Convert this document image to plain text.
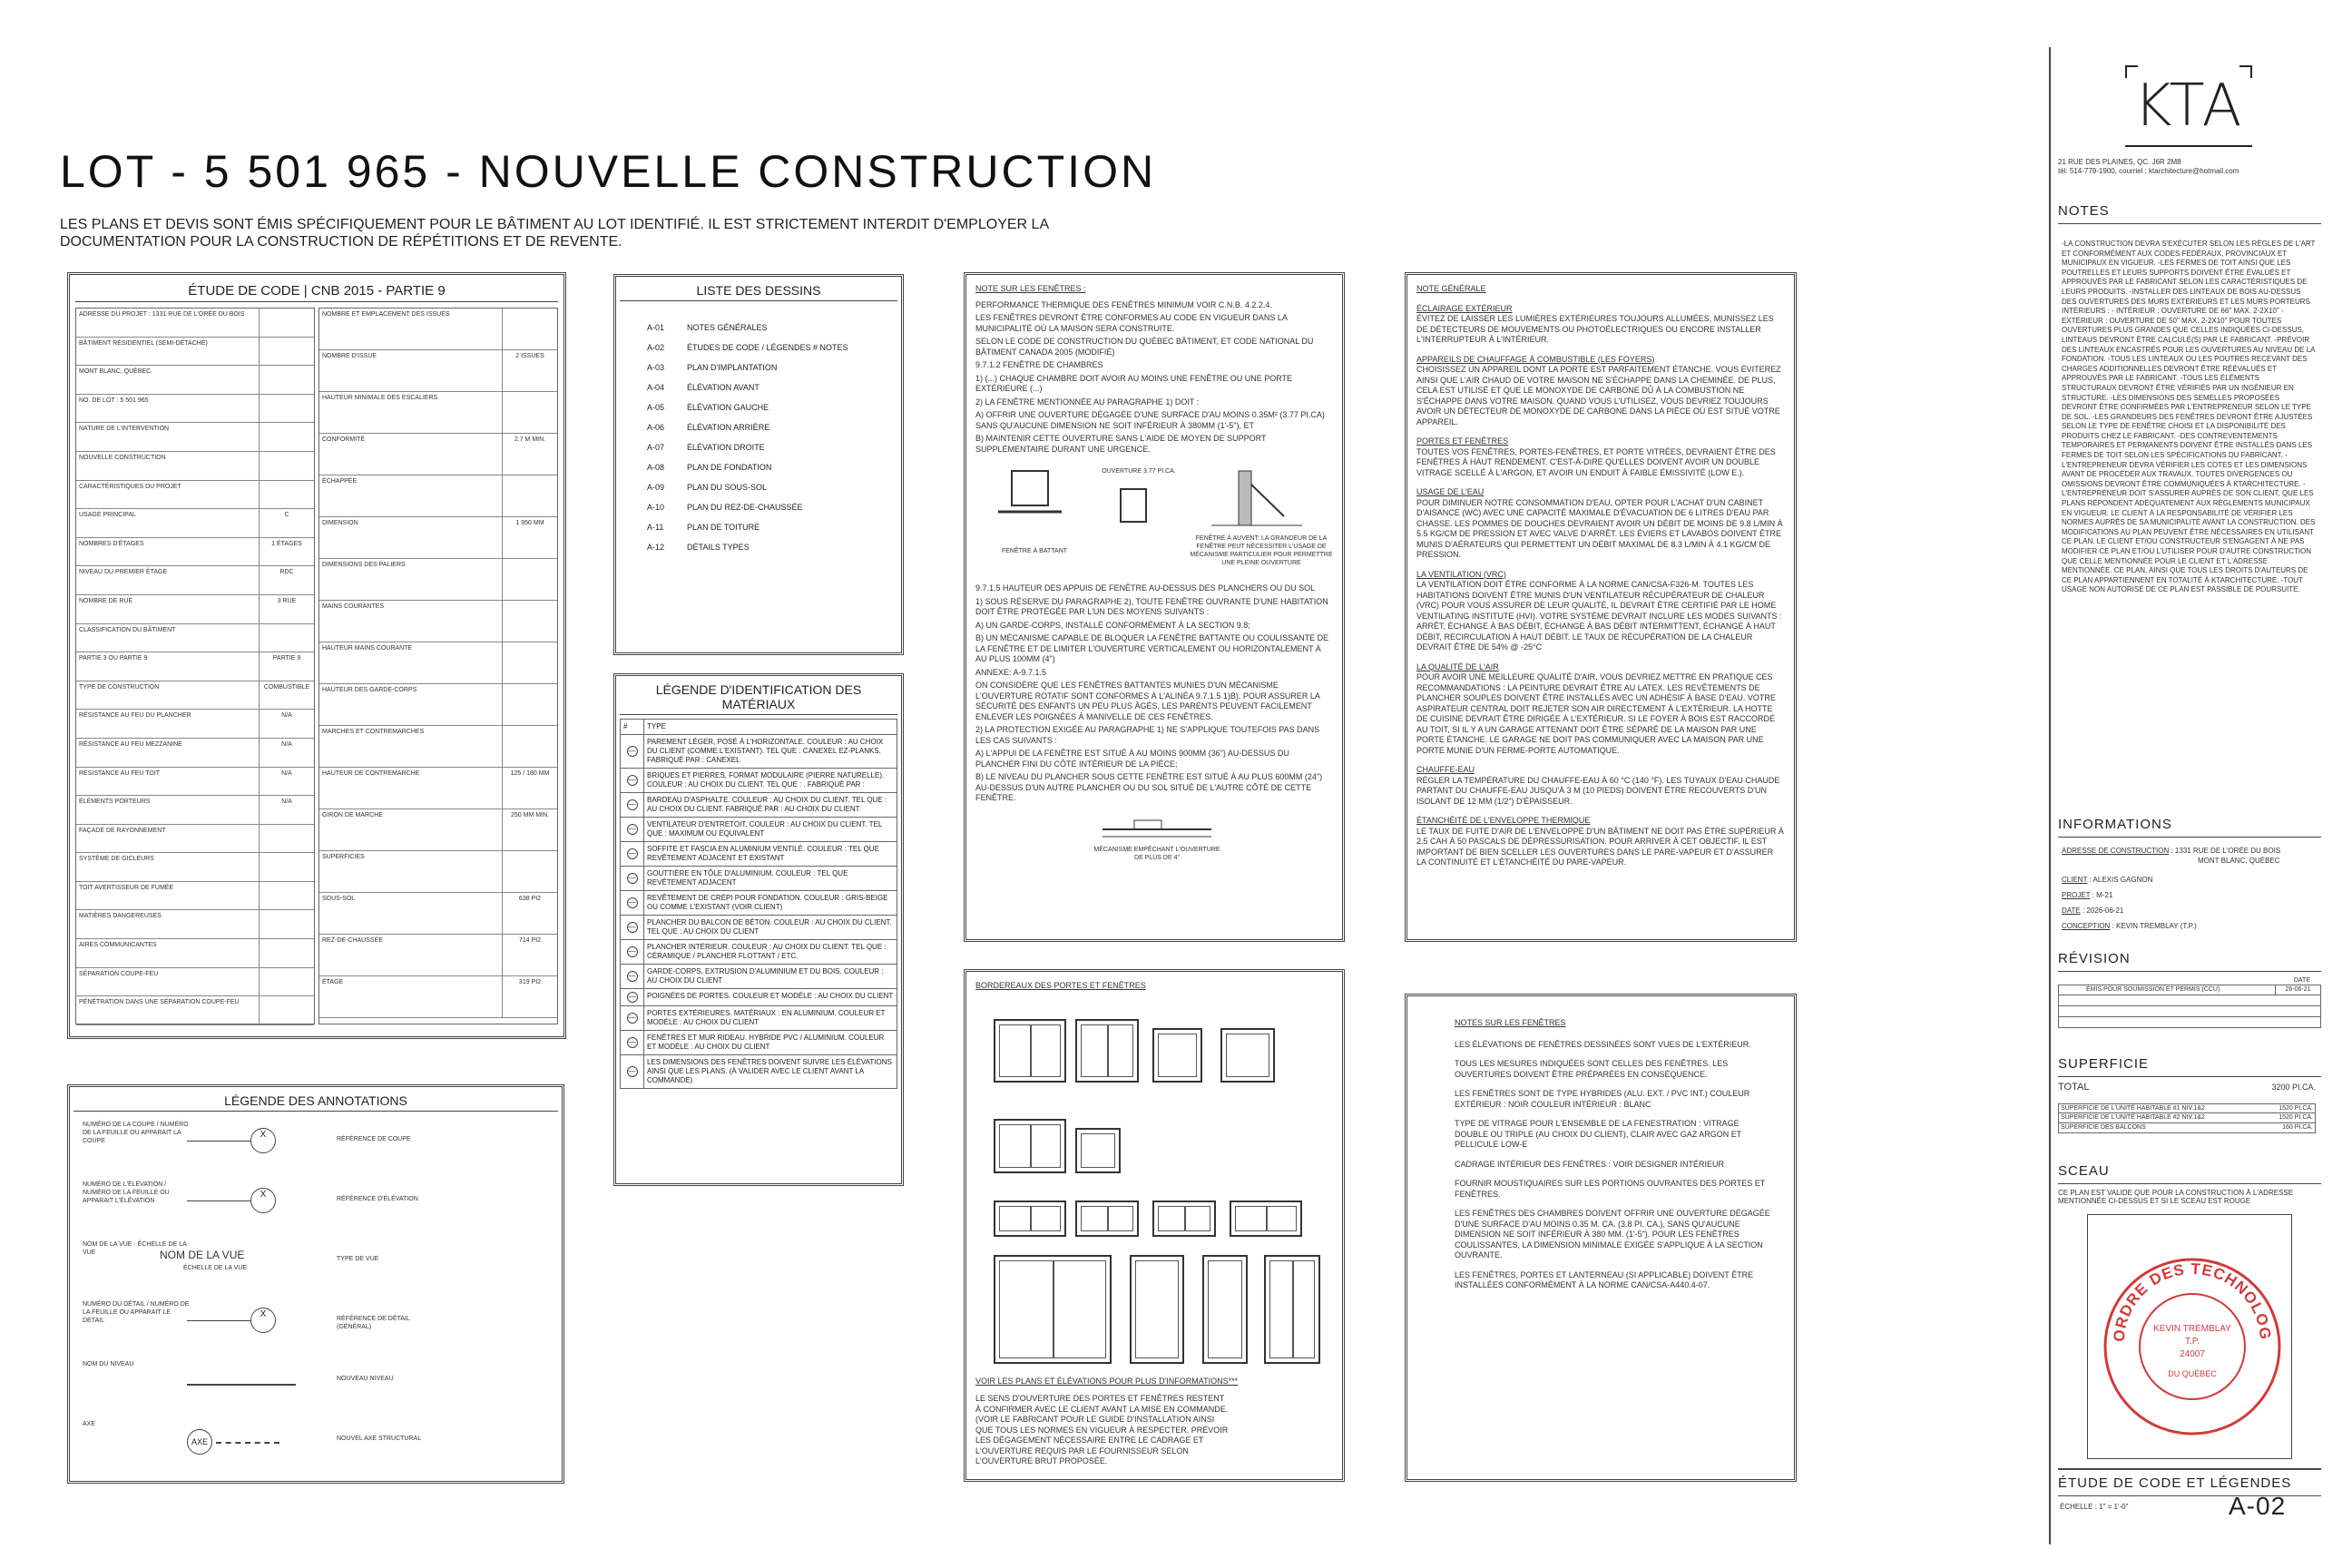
LOT - 5 501 965 - NOUVELLE CONSTRUCTION
LES PLANS ET DEVIS SONT ÉMIS SPÉCIFIQUEMENT POUR LE BÂTIMENT AU LOT IDENTIFIÉ. IL EST STRICTEMENT INTERDIT D'EMPLOYER LA DOCUMENTATION POUR LA CONSTRUCTION DE RÉPÉTITIONS ET DE REVENTE.
ÉTUDE DE CODE | CNB 2015 - PARTIE 9
ADRESSE DU PROJET : 1331 RUE DE L'ORÉE DU BOIS
BÂTIMENT RÉSIDENTIEL (SEMI-DÉTACHÉ)
MONT BLANC, QUÉBEC
NO. DE LOT : 5 501 965
NATURE DE L'INTERVENTION
NOUVELLE CONSTRUCTION
CARACTÉRISTIQUES DU PROJET
USAGE PRINCIPAL	C
NOMBRES D'ÉTAGES	1 ÉTAGES
NIVEAU DU PREMIER ÉTAGE	RDC
NOMBRE DE RUE	3 RUE
CLASSIFICATION DU BÂTIMENT
PARTIE 3 OU PARTIE 9	PARTIE 9
TYPE DE CONSTRUCTION	COMBUSTIBLE
RÉSISTANCE AU FEU DU PLANCHER	N/A
RÉSISTANCE AU FEU MEZZANINE	N/A
RÉSISTANCE AU FEU TOIT	N/A
ÉLÉMENTS PORTEURS	N/A
FAÇADE DE RAYONNEMENT
SYSTÈME DE GICLEURS
TOIT AVERTISSEUR DE FUMÉE
MATIÈRES DANGEREUSES
AIRES COMMUNICANTES
SÉPARATION COUPE-FEU
PÉNÉTRATION DANS UNE SÉPARATION COUPE-FEU
NOMBRE ET EMPLACEMENT DES ISSUES
NOMBRE D'ISSUE	2 ISSUES
HAUTEUR MINIMALE DES ESCALIERS
CONFORMITÉ	2.7 M MIN.
ÉCHAPPÉE
DIMENSION	1 950 MM
DIMENSIONS DES PALIERS
MAINS COURANTES
HAUTEUR MAINS COURANTE
HAUTEUR DES GARDE-CORPS
MARCHES ET CONTREMARCHES
HAUTEUR DE CONTREMARCHE	125 / 180 MM
GIRON DE MARCHE	250 MM MIN.
SUPERFICIES
SOUS-SOL	638 PI2
REZ-DE-CHAUSSÉE	714 PI2
ÉTAGE	319 PI2
LISTE DES DESSINS
A-01	NOTES GÉNÉRALES
A-02	ÉTUDES DE CODE / LÉGENDES # NOTES
A-03	PLAN D'IMPLANTATION
A-04	ÉLÉVATION AVANT
A-05	ÉLÉVATION GAUCHE
A-06	ÉLÉVATION ARRIÈRE
A-07	ÉLÉVATION DROITE
A-08	PLAN DE FONDATION
A-09	PLAN DU SOUS-SOL
A-10	PLAN DU REZ-DE-CHAUSSÉE
A-11	PLAN DE TOITURE
A-12	DÉTAILS TYPES
LÉGENDE D'IDENTIFICATION DES MATÉRIAUX
#	TYPE
—	PAREMENT LÉGER, POSÉ À L'HORIZONTALE. COULEUR : AU CHOIX DU CLIENT (COMME L'EXISTANT). TEL QUE : CANEXEL EZ-PLANKS. FABRIQUÉ PAR : CANEXEL
—	BRIQUES ET PIERRES, FORMAT MODULAIRE (PIERRE NATURELLE). COULEUR : AU CHOIX DU CLIENT. TEL QUE : . FABRIQUÉ PAR :
—	BARDEAU D'ASPHALTE. COULEUR : AU CHOIX DU CLIENT. TEL QUE : AU CHOIX DU CLIENT. FABRIQUÉ PAR : AU CHOIX DU CLIENT
—	VENTILATEUR D'ENTRETOIT. COULEUR : AU CHOIX DU CLIENT. TEL QUE : MAXIMUM OU ÉQUIVALENT
—	SOFFITE ET FASCIA EN ALUMINIUM VENTILÉ. COULEUR : TEL QUE REVÊTEMENT ADJACENT ET EXISTANT
—	GOUTTIÈRE EN TÔLE D'ALUMINIUM. COULEUR : TEL QUE REVÊTEMENT ADJACENT
—	REVÊTEMENT DE CRÉPI POUR FONDATION. COULEUR : GRIS-BEIGE OU COMME L'EXISTANT (VOIR CLIENT)
—	PLANCHER DU BALCON DE BÉTON. COULEUR : AU CHOIX DU CLIENT. TEL QUE : AU CHOIX DU CLIENT
—	PLANCHER INTÉRIEUR. COULEUR : AU CHOIX DU CLIENT. TEL QUE : CÉRAMIQUE / PLANCHER FLOTTANT / ETC.
—	GARDE-CORPS, EXTRUSION D'ALUMINIUM ET DU BOIS. COULEUR : AU CHOIX DU CLIENT
—	POIGNÉES DE PORTES. COULEUR ET MODÈLE : AU CHOIX DU CLIENT
—	PORTES EXTÉRIEURES. MATÉRIAUX : EN ALUMINIUM. COULEUR ET MODÈLE : AU CHOIX DU CLIENT
—	FENÊTRES ET MUR RIDEAU. HYBRIDE PVC / ALUMINIUM. COULEUR ET MODÈLE : AU CHOIX DU CLIENT
—	LES DIMENSIONS DES FENÊTRES DOIVENT SUIVRE LES ÉLÉVATIONS AINSI QUE LES PLANS. (À VALIDER AVEC LE CLIENT AVANT LA COMMANDE)
LÉGENDE DES ANNOTATIONS
NUMÉRO DE LA COUPE / NUMÉRO DE LA FEUILLE OU APPARAIT LA COUPE	RÉFÉRENCE DE COUPE
X
NUMÉRO DE L'ÉLÉVATION / NUMÉRO DE LA FEUILLE OU APPARAIT L'ÉLÉVATION	RÉFÉRENCE D'ÉLÉVATION
X
NOM DE LA VUE · ÉCHELLE DE LA VUE
TYPE DE VUE
NOM DE LA VUE
ÉCHELLE DE LA VUE
NUMÉRO DU DÉTAIL / NUMÉRO DE LA FEUILLE OU APPARAIT LE DÉTAIL	RÉFÉRENCE DE DÉTAIL (GÉNÉRAL)
X
NOM DU NIVEAU
NOUVEAU NIVEAU
AXE
NOUVEL AXE STRUCTURAL
AXE
NOTE SUR LES FENÊTRES :
PERFORMANCE THERMIQUE DES FENÊTRES MINIMUM VOIR C.N.B. 4.2.2.4.
LES FENÊTRES DEVRONT ÊTRE CONFORMES AU CODE EN VIGUEUR DANS LA MUNICIPALITÉ OÙ LA MAISON SERA CONSTRUITE.
SELON LE CODE DE CONSTRUCTION DU QUÉBEC BÂTIMENT, ET CODE NATIONAL DU BÂTIMENT CANADA 2005 (MODIFIÉ)
9.7.1.2 FENÊTRE DE CHAMBRES
1) (...) CHAQUE CHAMBRE DOIT AVOIR AU MOINS UNE FENÊTRE OU UNE PORTE EXTÉRIEURE (...)
2) LA FENÊTRE MENTIONNÉE AU PARAGRAPHE 1) DOIT :
A) OFFRIR UNE OUVERTURE DÉGAGÉE D'UNE SURFACE D'AU MOINS 0.35M² (3.77 PI.CA) SANS QU'AUCUNE DIMENSION NE SOIT INFÉRIEUR À 380MM (1'-5"), ET
B) MAINTENIR CETTE OUVERTURE SANS L'AIDE DE MOYEN DE SUPPORT SUPPLÉMENTAIRE DURANT UNE URGENCE.
FENÊTRE À BATTANT
OUVERTURE 3.77 PI.CA.
FENÊTRE À AUVENT: LA GRANDEUR DE LA FENÊTRE PEUT NÉCESSITER L'USAGE DE MÉCANISME PARTICULIER POUR PERMETTRE UNE PLEINE OUVERTURE
9.7.1.5 HAUTEUR DES APPUIS DE FENÊTRE AU-DESSUS DES PLANCHERS OU DU SOL
1) SOUS RÉSERVE DU PARAGRAPHE 2), TOUTE FENÊTRE OUVRANTE D'UNE HABITATION DOIT ÊTRE PROTÉGÉE PAR L'UN DES MOYENS SUIVANTS :
A) UN GARDE-CORPS, INSTALLÉ CONFORMÉMENT À LA SECTION 9.8;
B) UN MÉCANISME CAPABLE DE BLOQUER LA FENÊTRE BATTANTE OU COULISSANTE DE LA FENÊTRE ET DE LIMITER L'OUVERTURE VERTICALEMENT OU HORIZONTALEMENT À AU PLUS 100MM (4")
ANNEXE: A-9.7.1.5
ON CONSIDÈRE QUE LES FENÊTRES BATTANTES MUNIES D'UN MÉCANISME L'OUVERTURE ROTATIF SONT CONFORMES À L'ALINÉA 9.7.1.5 1)B). POUR ASSURER LA SÉCURITÉ DES ENFANTS UN PEU PLUS ÂGÉS, LES PARENTS PEUVENT FACILEMENT ENLEVER LES POIGNÉES À MANIVELLE DE CES FENÊTRES.
2) LA PROTECTION EXIGÉE AU PARAGRAPHE 1) NE S'APPLIQUE TOUTEFOIS PAS DANS LES CAS SUIVANTS :
A) L'APPUI DE LA FENÊTRE EST SITUÉ À AU MOINS 900MM (36") AU-DESSUS DU PLANCHER FINI DU CÔTÉ INTÉRIEUR DE LA PIÈCE;
B) LE NIVEAU DU PLANCHER SOUS CETTE FENÊTRE EST SITUÉ À AU PLUS 600MM (24") AU-DESSUS D'UN AUTRE PLANCHER OU DU SOL SITUÉ DE L'AUTRE CÔTÉ DE CETTE FENÊTRE.
MÉCANISME EMPÊCHANT L'OUVERTURE DE PLUS DE 4"
NOTE GÉNÉRALE
ÉCLAIRAGE EXTÉRIEUR
ÉVITEZ DE LAISSER LES LUMIÈRES EXTÉRIEURES TOUJOURS ALLUMÉES, MUNISSEZ LES DE DÉTECTEURS DE MOUVEMENTS OU PHOTOÉLECTRIQUES OU ENCORE INSTALLER L'INTERRUPTEUR À L'INTÉRIEUR.
APPAREILS DE CHAUFFAGE À COMBUSTIBLE (LES FOYERS)
CHOISISSEZ UN APPAREIL DONT LA PORTE EST PARFAITEMENT ÉTANCHE. VOUS ÉVITEREZ AINSI QUE L'AIR CHAUD DE VOTRE MAISON NE S'ÉCHAPPE DANS LA CHEMINÉE. DE PLUS, CELA EST UTILISÉ ET QUE LE MONOXYDE DE CARBONE DÛ À LA COMBUSTION NE S'ÉCHAPPE DANS VOTRE MAISON. QUAND VOUS L'UTILISEZ, VOUS DEVRIEZ TOUJOURS AVOIR UN DÉTECTEUR DE MONOXYDE DE CARBONE DANS LA PIÈCE OÙ EST SITUÉ VOTRE APPAREIL.
PORTES ET FENÊTRES
TOUTES VOS FENÊTRES, PORTES-FENÊTRES, ET PORTE VITRÉES, DEVRAIENT ÊTRE DES FENÊTRES À HAUT RENDEMENT. C'EST-À-DIRE QU'ELLES DOIVENT AVOIR UN DOUBLE VITRAGE SCELLÉ À L'ARGON, ET AVOIR UN ENDUIT À FAIBLE ÉMISSIVITÉ (LOW E.).
USAGE DE L'EAU
POUR DIMINUER NOTRE CONSOMMATION D'EAU, OPTER POUR L'ACHAT D'UN CABINET D'AISANCE (WC) AVEC UNE CAPACITÉ MAXIMALE D'ÉVACUATION DE 6 LITRES D'EAU PAR CHASSE. LES POMMES DE DOUCHES DEVRAIENT AVOIR UN DÉBIT DE MOINS DE 9.8 L/MIN À 5.5 KG/CM DE PRESSION ET AVEC VALVE D'ARRÊT. LES ÉVIERS ET LAVABOS DOIVENT ÊTRE MUNIS D'AÉRATEURS QUI PERMETTENT UN DÉBIT MAXIMAL DE 8.3 L/MIN À 4.1 KG/CM DE PRESSION.
LA VENTILATION (VRC)
LA VENTILATION DOIT ÊTRE CONFORME À LA NORME CAN/CSA-F326-M. TOUTES LES HABITATIONS DOIVENT ÊTRE MUNIS D'UN VENTILATEUR RÉCUPÉRATEUR DE CHALEUR (VRC) POUR VOUS ASSURER DE LEUR QUALITÉ, IL DEVRAIT ÊTRE CERTIFIÉ PAR LE HOME VENTILATING INSTITUTE (HVI). VOTRE SYSTÈME DEVRAIT INCLURE LES MODES SUIVANTS : ARRÊT, ÉCHANGE À BAS DÉBIT, ÉCHANGE À BAS DÉBIT INTERMITTENT, ÉCHANGE À HAUT DÉBIT, RECIRCULATION À HAUT DÉBIT. LE TAUX DE RÉCUPÉRATION DE LA CHALEUR DEVRAIT ÊTRE DE 54% @ -25°C
LA QUALITÉ DE L'AIR
POUR AVOIR UNE MEILLEURE QUALITÉ D'AIR, VOUS DEVRIEZ METTRE EN PRATIQUE CES RECOMMANDATIONS : LA PEINTURE DEVRAIT ÊTRE AU LATEX. LES REVÊTEMENTS DE PLANCHER SOUPLES DOIVENT ÊTRE INSTALLÉS AVEC UN ADHÉSIF À BASE D'EAU. VOTRE ASPIRATEUR CENTRAL DOIT REJETER SON AIR DIRECTEMENT À L'EXTÉRIEUR. LA HOTTE DE CUISINE DEVRAIT ÊTRE DIRIGÉE À L'EXTÉRIEUR. SI LE FOYER À BOIS EST RACCORDÉ AU TOIT, SI IL Y A UN GARAGE ATTENANT DOIT ÊTRE SÉPARÉ DE LA MAISON PAR UNE PORTE ÉTANCHE. LE GARAGE NE DOIT PAS COMMUNIQUER AVEC LA MAISON PAR UNE PORTE MUNIE D'UN FERME-PORTE AUTOMATIQUE.
CHAUFFE-EAU
RÉGLER LA TEMPÉRATURE DU CHAUFFE-EAU À 60 °C (140 °F). LES TUYAUX D'EAU CHAUDE PARTANT DU CHAUFFE-EAU JUSQU'À 3 M (10 PIEDS) DOIVENT ÊTRE RECOUVERTS D'UN ISOLANT DE 12 MM (1/2") D'ÉPAISSEUR.
ÉTANCHÉITÉ DE L'ENVELOPPE THERMIQUE
LE TAUX DE FUITE D'AIR DE L'ENVELOPPE D'UN BÂTIMENT NE DOIT PAS ÊTRE SUPÉRIEUR À 2.5 CAH À 50 PASCALS DE DÉPRESSURISATION. POUR ARRIVER À CET OBJECTIF, IL EST IMPORTANT DE BIEN SCELLER LES OUVERTURES DANS LE PARE-VAPEUR ET D'ASSURER LA CONTINUITÉ ET L'ÉTANCHÉITÉ DU PARE-VAPEUR.
BORDEREAUX DES PORTES ET FENÊTRES
VOIR LES PLANS ET ÉLÉVATIONS POUR PLUS D'INFORMATIONS***
LE SENS D'OUVERTURE DES PORTES ET FENÊTRES RESTENT À CONFIRMER AVEC LE CLIENT AVANT LA MISE EN COMMANDE. (VOIR LE FABRICANT POUR LE GUIDE D'INSTALLATION AINSI QUE TOUS LES NORMES EN VIGUEUR À RESPECTER. PRÉVOIR LES DÉGAGEMENT NÉCESSAIRE ENTRE LE CADRAGE ET L'OUVERTURE REQUIS PAR LE FOURNISSEUR SELON L'OUVERTURE BRUT PROPOSÉE.
NOTES SUR LES FENÊTRES
LES ÉLÉVATIONS DE FENÊTRES DESSINÉES SONT VUES DE L'EXTÉRIEUR.
TOUS LES MESURES INDIQUÉES SONT CELLES DES FENÊTRES. LES OUVERTURES DOIVENT ÊTRE PRÉPARÉES EN CONSÉQUENCE.
LES FENÊTRES SONT DE TYPE HYBRIDES (ALU. EXT. / PVC INT.) COULEUR EXTÉRIEUR : NOIR COULEUR INTÉRIEUR : BLANC
TYPE DE VITRAGE POUR L'ENSEMBLE DE LA FENESTRATION : VITRAGE DOUBLE OU TRIPLE (AU CHOIX DU CLIENT), CLAIR AVEC GAZ ARGON ET PELLICULE LOW-E
CADRAGE INTÉRIEUR DES FENÊTRES : VOIR DESIGNER INTÉRIEUR
FOURNIR MOUSTIQUAIRES SUR LES PORTIONS OUVRANTES DES PORTES ET FENÊTRES.
LES FENÊTRES DES CHAMBRES DOIVENT OFFRIR UNE OUVERTURE DÉGAGÉE D'UNE SURFACE D'AU MOINS 0.35 M. CA. (3.8 PI. CA.), SANS QU'AUCUNE DIMENSION NE SOIT INFÉRIEUR À 380 MM. (1'-5"). POUR LES FENÊTRES COULISSANTES, LA DIMENSION MINIMALE EXIGÉE S'APPLIQUE À LA SECTION OUVRANTE.
LES FENÊTRES, PORTES ET LANTERNEAU (SI APPLICABLE) DOIVENT ÊTRE INSTALLÉES CONFORMÉMENT À LA NORME CAN/CSA-A440.4-07.
KTA
21 RUE DES PLAINES, QC. J6R 2M8
tél: 514-779-1900, courriel : ktarchitecture@hotmail.com
NOTES
-LA CONSTRUCTION DEVRA S'EXÉCUTER SELON LES RÈGLES DE L'ART ET CONFORMÉMENT AUX CODES FÉDÉRAUX, PROVINCIAUX ET MUNICIPAUX EN VIGUEUR. -LES FERMES DE TOIT AINSI QUE LES POUTRELLES ET LEURS SUPPORTS DOIVENT ÊTRE ÉVALUÉS ET APPROUVÉS PAR LE FABRICANT SELON LES CARACTÉRISTIQUES DE LEURS PRODUITS. -INSTALLER DES LINTEAUX DE BOIS AU-DESSUS DES OUVERTURES DES MURS EXTÉRIEURS ET LES MURS PORTEURS INTÉRIEURS : - INTÉRIEUR : OUVERTURE DE 66" MAX. 2-2X10" - EXTÉRIEUR : OUVERTURE DE 50" MAX. 2-2X10" POUR TOUTES OUVERTURES PLUS GRANDES QUE CELLES INDIQUÉES CI-DESSUS, LINTEAUS DEVRONT ÊTRE CALCULÉ(S) PAR LE FABRICANT. -PRÉVOIR DES LINTEAUX ENCASTRÉS POUR LES OUVERTURES AU NIVEAU DE LA FONDATION. -TOUS LES LINTEAUX OU LES POUTRES RECEVANT DES CHARGES ADDITIONNELLES DEVRONT ÊTRE RÉÉVALUÉS ET APPROUVÉS PAR LE FABRICANT. -TOUS LES ÉLÉMENTS STRUCTURAUX DEVRONT ÊTRE VÉRIFIÉS PAR UN INGÉNIEUR EN STRUCTURE. -LES DIMENSIONS DES SEMELLES PROPOSÉES DEVRONT ÊTRE CONFIRMÉES PAR L'ENTREPRENEUR SELON LE TYPE DE SOL. -LES GRANDEURS DES FENÊTRES DEVRONT ÊTRE AJUSTÉES SELON LE TYPE DE FENÊTRE CHOISI ET LA DISPONIBILITÉ DES PRODUITS CHEZ LE FABRICANT. -DES CONTREVENTEMENTS TEMPORAIRES ET PERMANENTS DOIVENT ÊTRE INSTALLÉS DANS LES FERMES DE TOIT SELON LES SPÉCIFICATIONS DU FABRICANT. -L'ENTREPRENEUR DEVRA VÉRIFIER LES COTES ET LES DIMENSIONS AVANT DE PROCÉDER AUX TRAVAUX. TOUTES DIVERGENCES OU OMISSIONS DEVRONT ÊTRE COMMUNIQUÉES À KTARCHITECTURE. -L'ENTREPRENEUR DOIT S'ASSURER AUPRÈS DE SON CLIENT, QUE LES PLANS RÉPONDENT ADÉQUATEMENT AUX RÈGLEMENTS MUNICIPAUX EN VIGUEUR. LE CLIENT À LA RESPONSABILITÉ DE VÉRIFIER LES NORMES AUPRÈS DE SA MUNICIPALITÉ AVANT LA CONSTRUCTION. DES MODIFICATIONS AU PLAN PEUVENT ÊTRE NÉCESSAIRES EN UTILISANT CE PLAN. LE CLIENT ET/OU CONSTRUCTEUR S'ENGAGENT À NE PAS MODIFIER CE PLAN ET/OU L'UTILISER POUR D'AUTRE CONSTRUCTION QUE CELLE MENTIONNÉE POUR LE CLIENT ET L'ADRESSE MENTIONNÉE. CE PLAN, AINSI QUE TOUS LES DROITS D'AUTEURS DE CE PLAN APPARTIENNENT EN TOTALITÉ À KTARCHITECTURE. -TOUT USAGE NON AUTORISÉ DE CE PLAN EST PASSIBLE DE POURSUITE.
INFORMATIONS
ADRESSE DE CONSTRUCTION : 1331 RUE DE L'ORÉE DU BOIS
MONT BLANC, QUÉBEC
CLIENT : ALEXIS GAGNON
PROJET : M-21
DATE : 2026-06-21
CONCEPTION : KEVIN TREMBLAY (T.P.)
RÉVISION
DATE
ÉMIS POUR SOUMISSION ET PERMIS (CCU)	26-06-21
SUPERFICIE
TOTAL	3200 PI.CA.
SUPERFICIE DE L'UNITÉ HABITABLE #1 NIV.1&2	1520 PI.CA.
SUPERFICIE DE L'UNITÉ HABITABLE #2 NIV.1&2	1520 PI.CA.
SUPERFICIE DES BALCONS	160 PI.CA.
SCEAU
CE PLAN EST VALIDE QUE POUR LA CONSTRUCTION À L'ADRESSE MENTIONNÉE CI-DESSUS ET SI LE SCEAU EST ROUGE
ORDRE DES TECHNOLOG
KEVIN TREMBLAY
T.P.
24007
DU QUÉBEC
ÉTUDE DE CODE ET LÉGENDES
ÉCHELLE : 1" = 1'-0"	A-02
